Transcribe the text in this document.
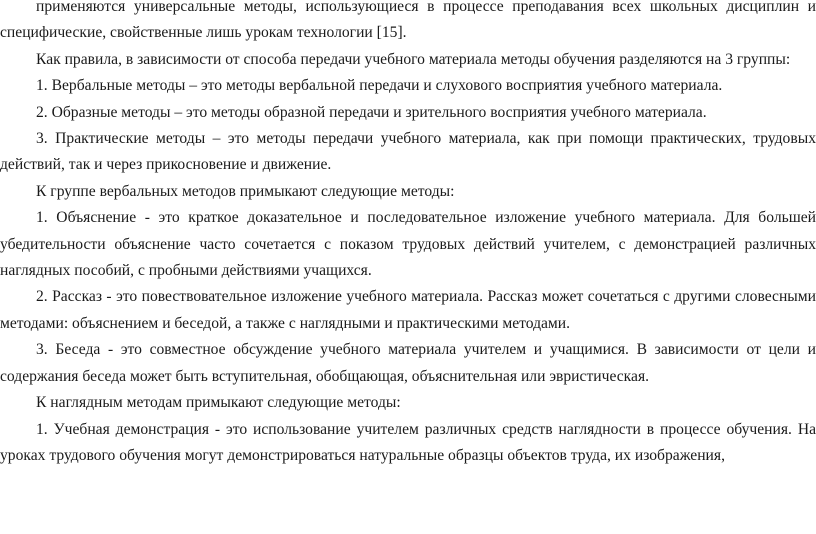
применяются универсальные методы, использующиеся в процессе преподавания всех школьных дисциплин и специфические, свойственные лишь урокам технологии [15].

Как правила, в зависимости от способа передачи учебного материала методы обучения разделяются на 3 группы:

1. Вербальные методы – это методы вербальной передачи и слухового восприятия учебного материала.

2. Образные методы – это методы образной передачи и зрительного восприятия учебного материала.

3. Практические методы – это методы передачи учебного материала, как при помощи практических, трудовых действий, так и через прикосновение и движение.

К группе вербальных методов примыкают следующие методы:

1. Объяснение - это краткое доказательное и последовательное изложение учебного материала. Для большей убедительности объяснение часто сочетается с показом трудовых действий учителем, с демонстрацией различных наглядных пособий, с пробными действиями учащихся.

2. Рассказ - это повествовательное изложение учебного материала. Рассказ может сочетаться с другими словесными методами: объяснением и беседой, а также с наглядными и практическими методами.

3. Беседа - это совместное обсуждение учебного материала учителем и учащимися. В зависимости от цели и содержания беседа может быть вступительная, обобщающая, объяснительная или эвристическая.

К наглядным методам примыкают следующие методы:

1. Учебная демонстрация - это использование учителем различных средств наглядности в процессе обучения. На уроках трудового обучения могут демонстрироваться натуральные образцы объектов труда, их изображения,
